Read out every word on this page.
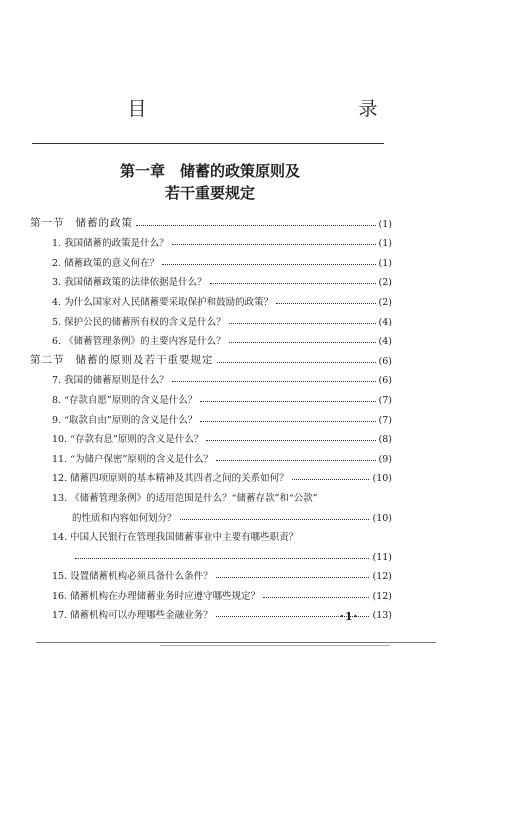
目　　录
第一章　储蓄的政策原则及
若干重要规定
第一节 储蓄的政策	(1)
1. 我国储蓄的政策是什么？	(1)
2. 储蓄政策的意义何在？	(1)
3. 我国储蓄政策的法律依据是什么？	(2)
4. 为什么国家对人民储蓄要采取保护和鼓励的政策？	(2)
5. 保护公民的储蓄所有权的含义是什么？	(4)
6. 《储蓄管理条例》的主要内容是什么？	(4)
第二节 储蓄的原则及若干重要规定	(6)
7. 我国的储蓄原则是什么？	(6)
8. “存款自愿”原则的含义是什么？	(7)
9. “取款自由”原则的含义是什么？	(7)
10. “存款有息”原则的含义是什么？	(8)
11. “为储户保密”原则的含义是什么？	(9)
12. 储蓄四项原则的基本精神及其四者之间的关系如何？	(10)
13. 《储蓄管理条例》的适用范围是什么？“储蓄存款”和“公款”
的性质和内容如何划分？	(10)
14. 中国人民银行在管理我国储蓄事业中主要有哪些职责？
(11)
15. 设置储蓄机构必须具备什么条件？	(12)
16. 储蓄机构在办理储蓄业务时应遵守哪些规定？	(12)
17. 储蓄机构可以办理哪些金融业务？	(13)
·1·
